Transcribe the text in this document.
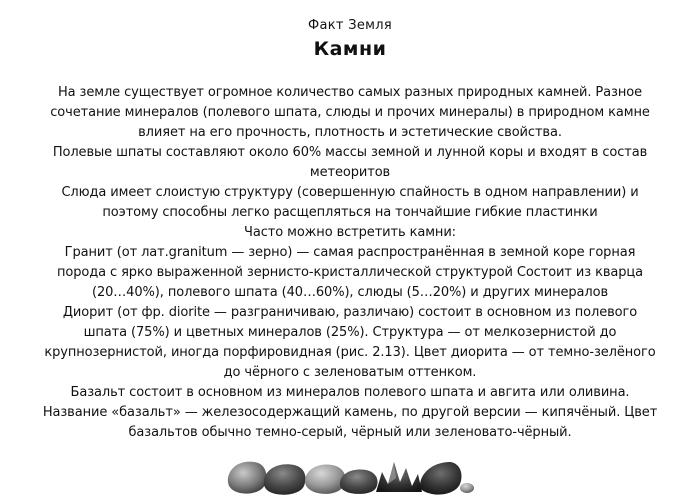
Факт Земля
Камни
На земле существует огромное количество самых разных природных камней. Разное
сочетание минералов (полевого шпата, слюды и прочих минералы) в природном камне
влияет на его прочность, плотность и эстетические свойства.
Полевые шпаты составляют около 60% массы земной и лунной коры и входят в состав
метеоритов
Слюда имеет слоистую структуру (совершенную спайность в одном направлении) и
поэтому способны легко расщепляться на тончайшие гибкие пластинки
Часто можно встретить камни:
Гранит (от лат.granitum — зерно) — самая распространённая в земной коре горная
порода с ярко выраженной зернисто-кристаллической структурой Состоит из кварца
(20…40%), полевого шпата (40…60%), слюды (5…20%) и других минералов
Диорит (от фр. diorite — разграничиваю, различаю) состоит в основном из полевого
шпата (75%) и цветных минералов (25%). Структура — от мелкозернистой до
крупнозернистой, иногда порфировидная (рис. 2.13). Цвет диорита — от темно-зелёного
до чёрного с зеленоватым оттенком.
Базальт состоит в основном из минералов полевого шпата и авгита или оливина.
Название «базальт» — железосодержащий камень, по другой версии — кипячёный. Цвет
базальтов обычно темно-серый, чёрный или зеленовато-чёрный.
